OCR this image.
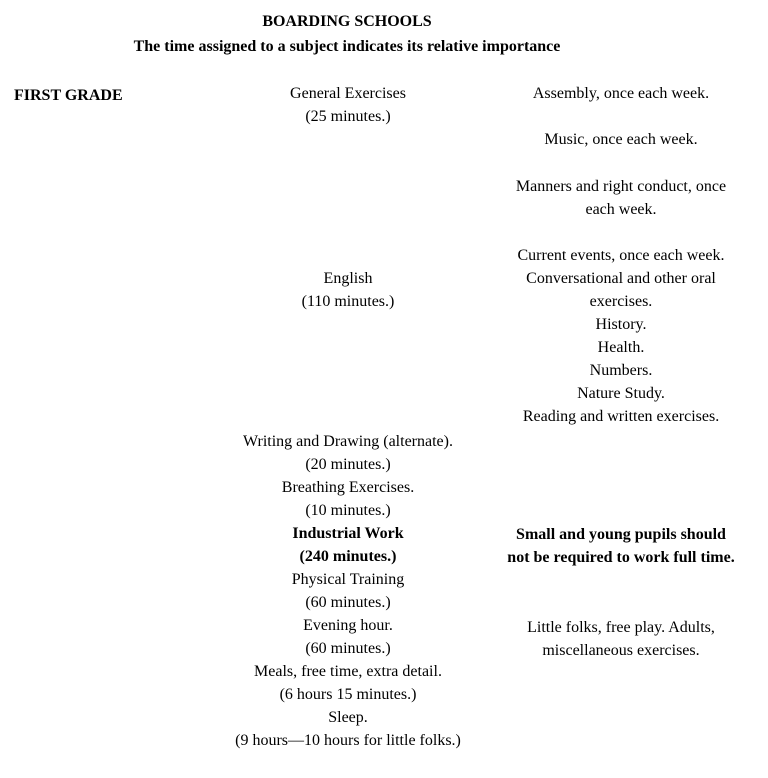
BOARDING SCHOOLS
The time assigned to a subject indicates its relative importance
FIRST GRADE	General Exercises
(25 minutes.)
English
(110 minutes.)
Writing and Drawing (alternate).
(20 minutes.)
Breathing Exercises.
(10 minutes.)
Industrial Work
(240 minutes.)
Physical Training
(60 minutes.)
Evening hour.
(60 minutes.)
Meals, free time, extra detail.
(6 hours 15 minutes.)
Sleep.
(9 hours—10 hours for little folks.)
Assembly, once each week.
Music, once each week.
Manners and right conduct, once
each week.
Current events, once each week.
Conversational and other oral
exercises.
History.
Health.
Numbers.
Nature Study.
Reading and written exercises.
Small and young pupils should
not be required to work full time.
Little folks, free play. Adults,
miscellaneous exercises.
